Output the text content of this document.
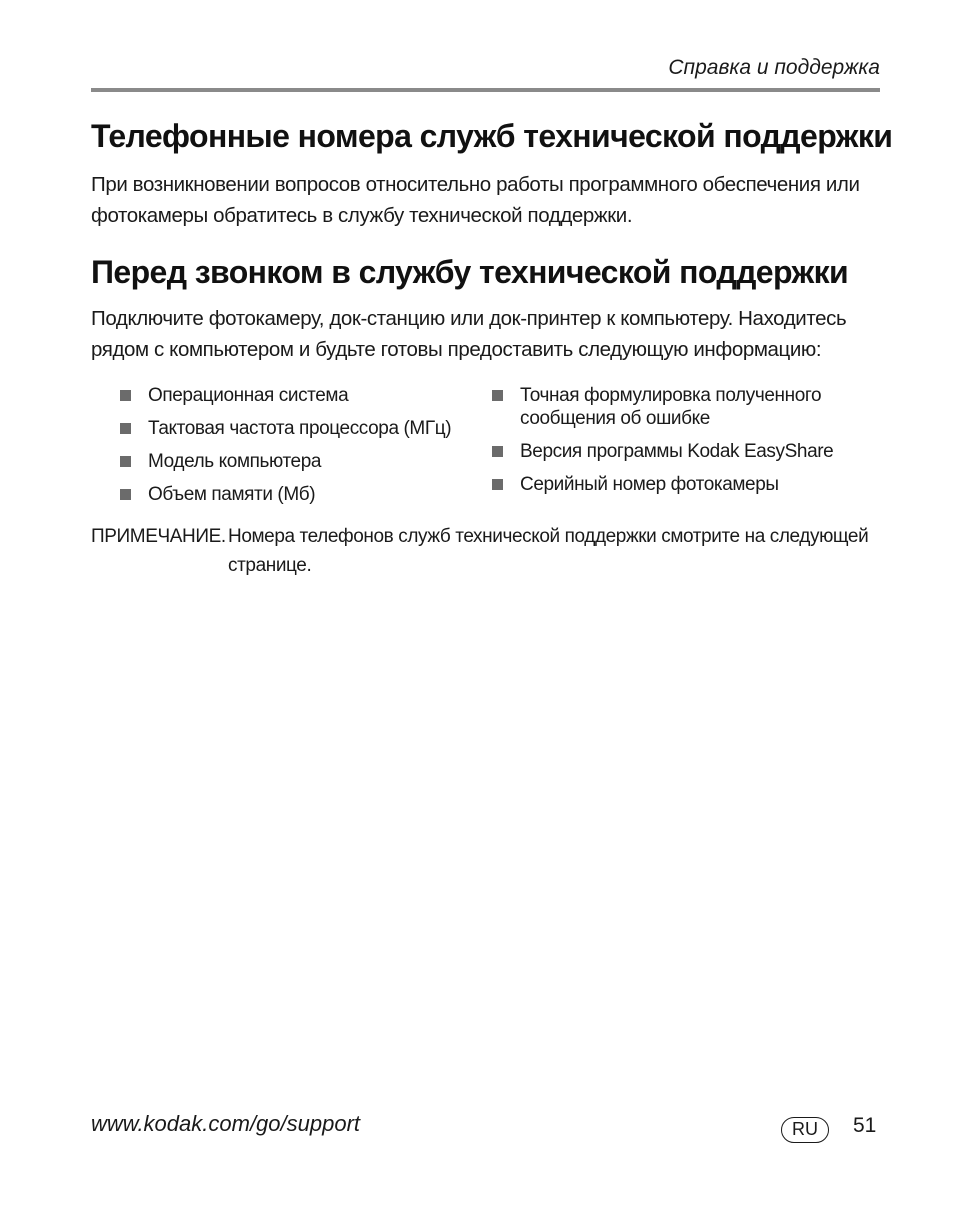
Справка и поддержка
Телефонные номера служб технической поддержки

При возникновении вопросов относительно работы программного обеспечения или фотокамеры обратитесь в службу технической поддержки.

Перед звонком в службу технической поддержки

Подключите фотокамеру, док-станцию или док-принтер к компьютеру. Находитесь рядом с компьютером и будьте готовы предоставить следующую информацию:

Операционная система
Тактовая частота процессора (МГц)
Модель компьютера
Объем памяти (Мб)
Точная формулировка полученного сообщения об ошибке
Версия программы Kodak EasyShare
Серийный номер фотокамеры
ПРИМЕЧАНИЕ. Номера телефонов служб технической поддержки смотрите на следующей странице.
www.kodak.com/go/support	RU	51
